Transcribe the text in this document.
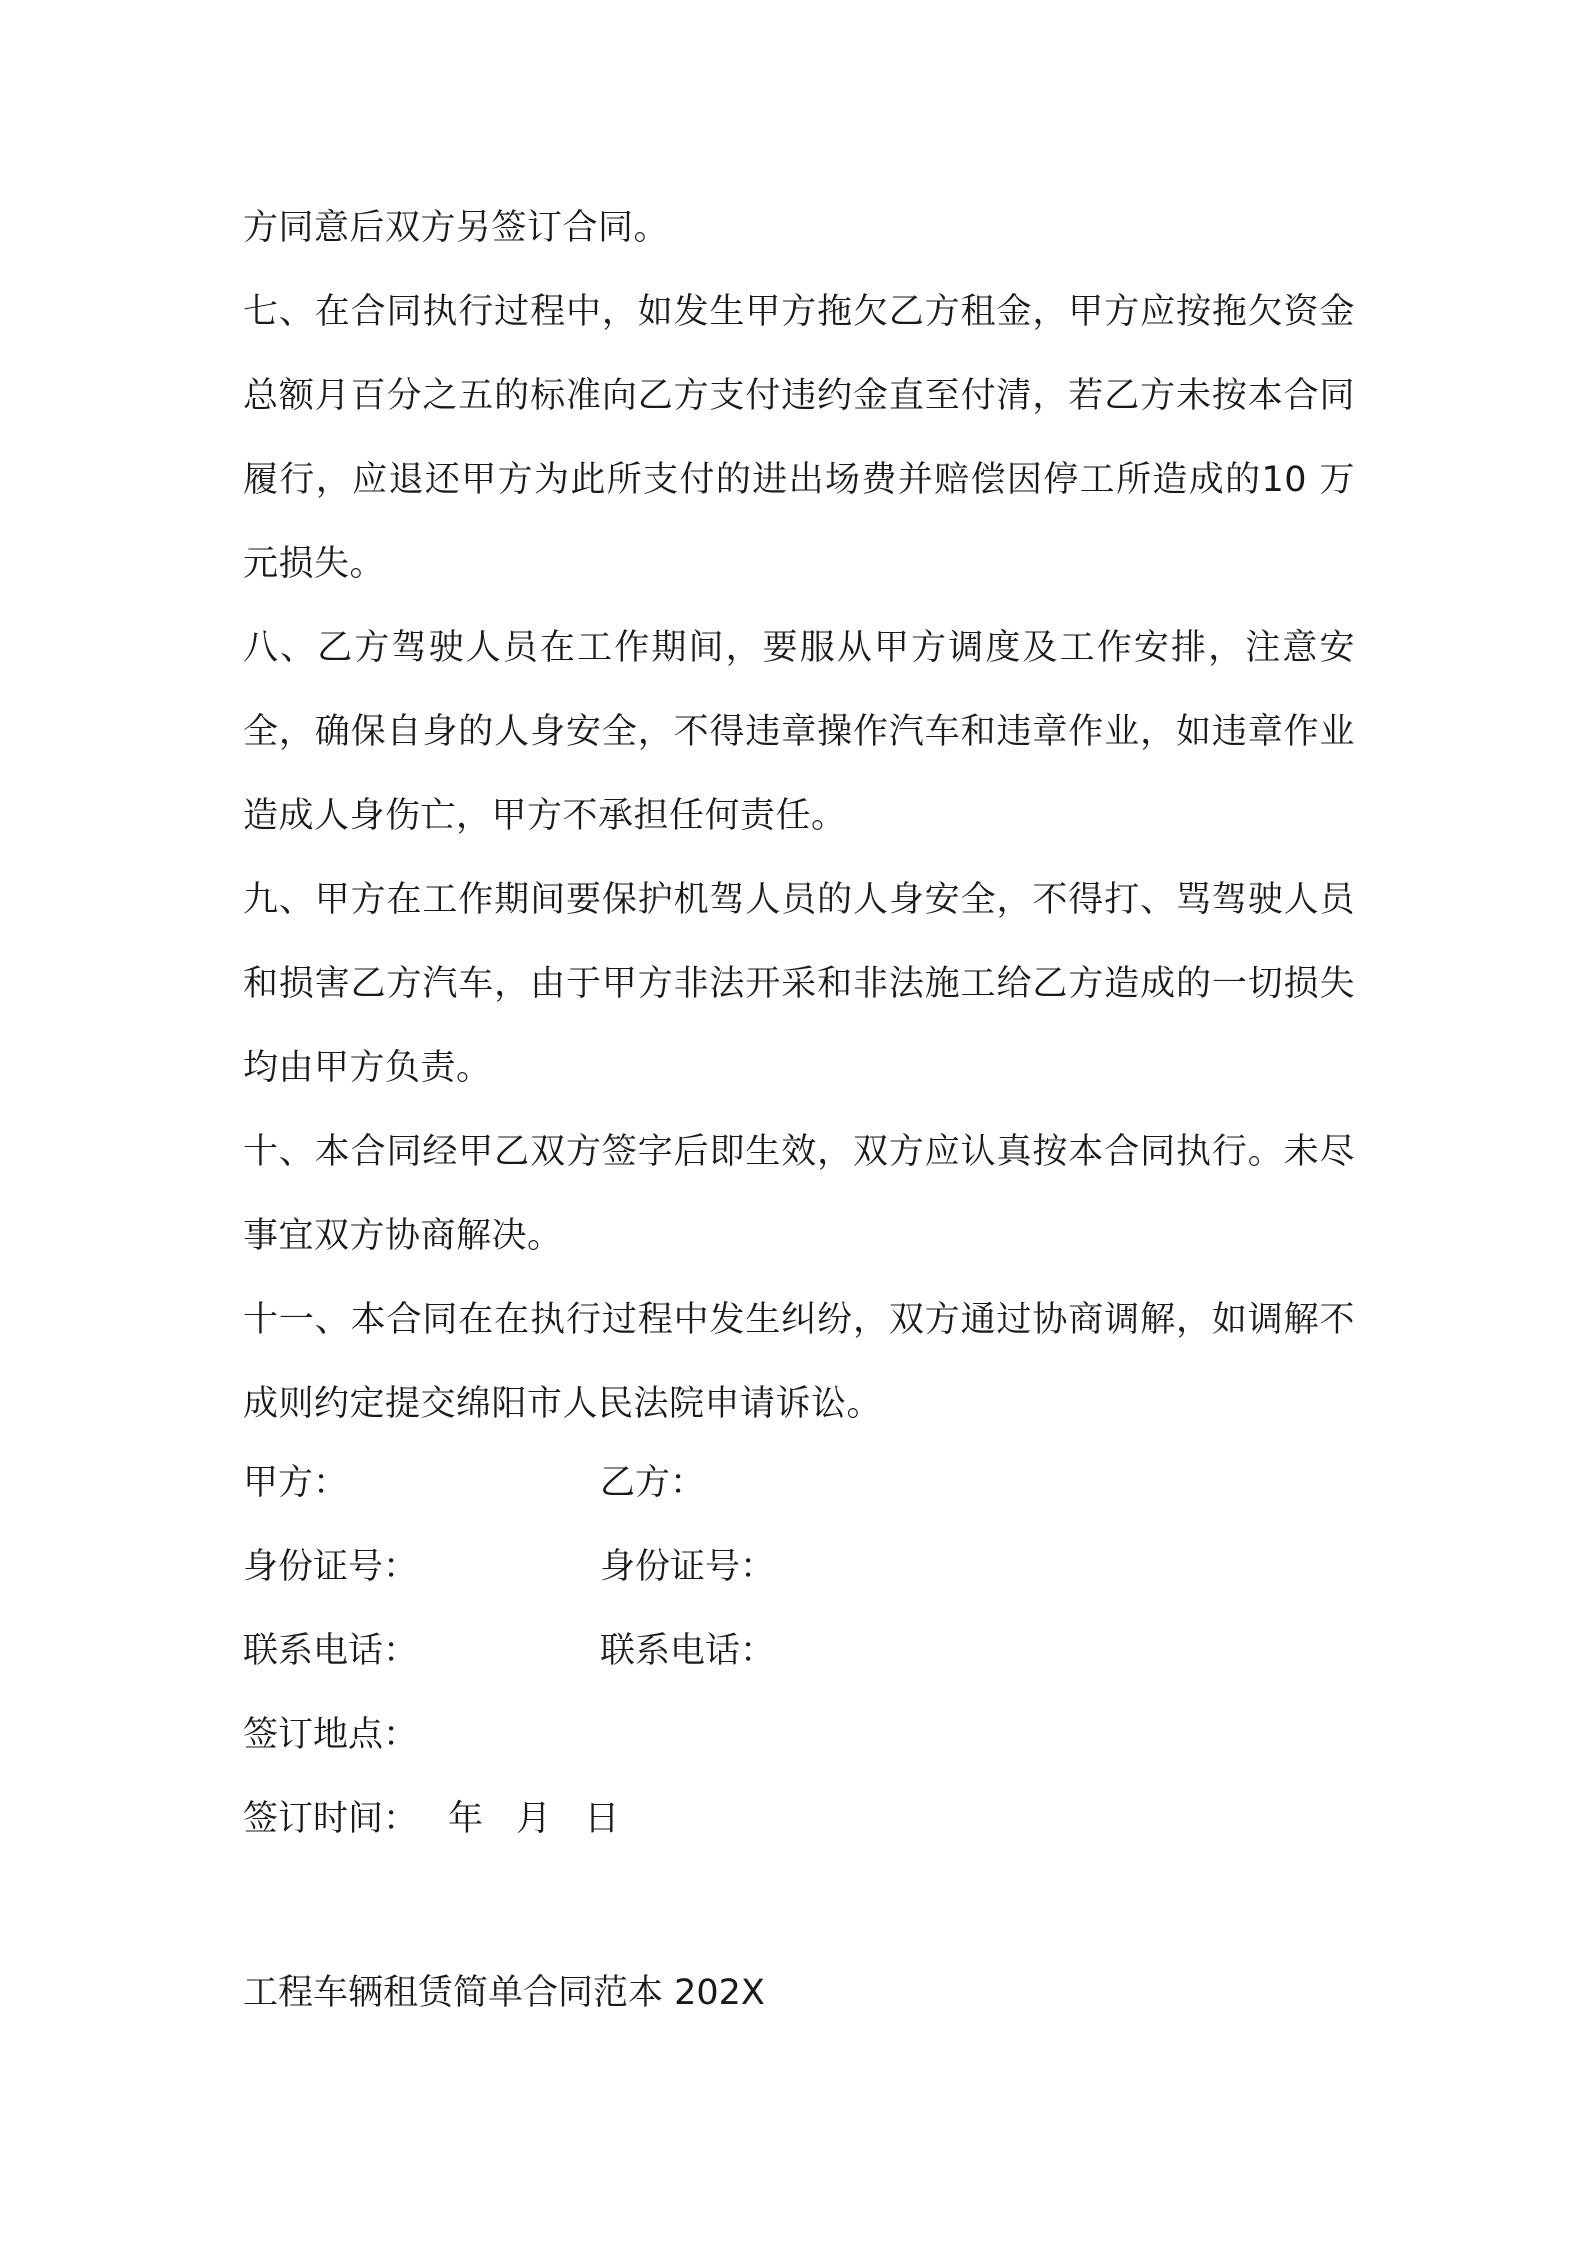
方同意后双方另签订合同。

七、在合同执行过程中，如发生甲方拖欠乙方租金，甲方应按拖欠资金总额月百分之五的标准向乙方支付违约金直至付清，若乙方未按本合同履行，应退还甲方为此所支付的进出场费并赔偿因停工所造成的10 万元损失。

八、乙方驾驶人员在工作期间，要服从甲方调度及工作安排，注意安全，确保自身的人身安全，不得违章操作汽车和违章作业，如违章作业造成人身伤亡，甲方不承担任何责任。

九、甲方在工作期间要保护机驾人员的人身安全，不得打、骂驾驶人员和损害乙方汽车，由于甲方非法开采和非法施工给乙方造成的一切损失均由甲方负责。

十、本合同经甲乙双方签字后即生效，双方应认真按本合同执行。未尽事宜双方协商解决。

十一、本合同在在执行过程中发生纠纷，双方通过协商调解，如调解不成则约定提交绵阳市人民法院申请诉讼。

甲方：	乙方：
身份证号：	身份证号：
联系电话：	联系电话：
签订地点：
签订时间： 年 月 日
工程车辆租赁简单合同范本 202X
